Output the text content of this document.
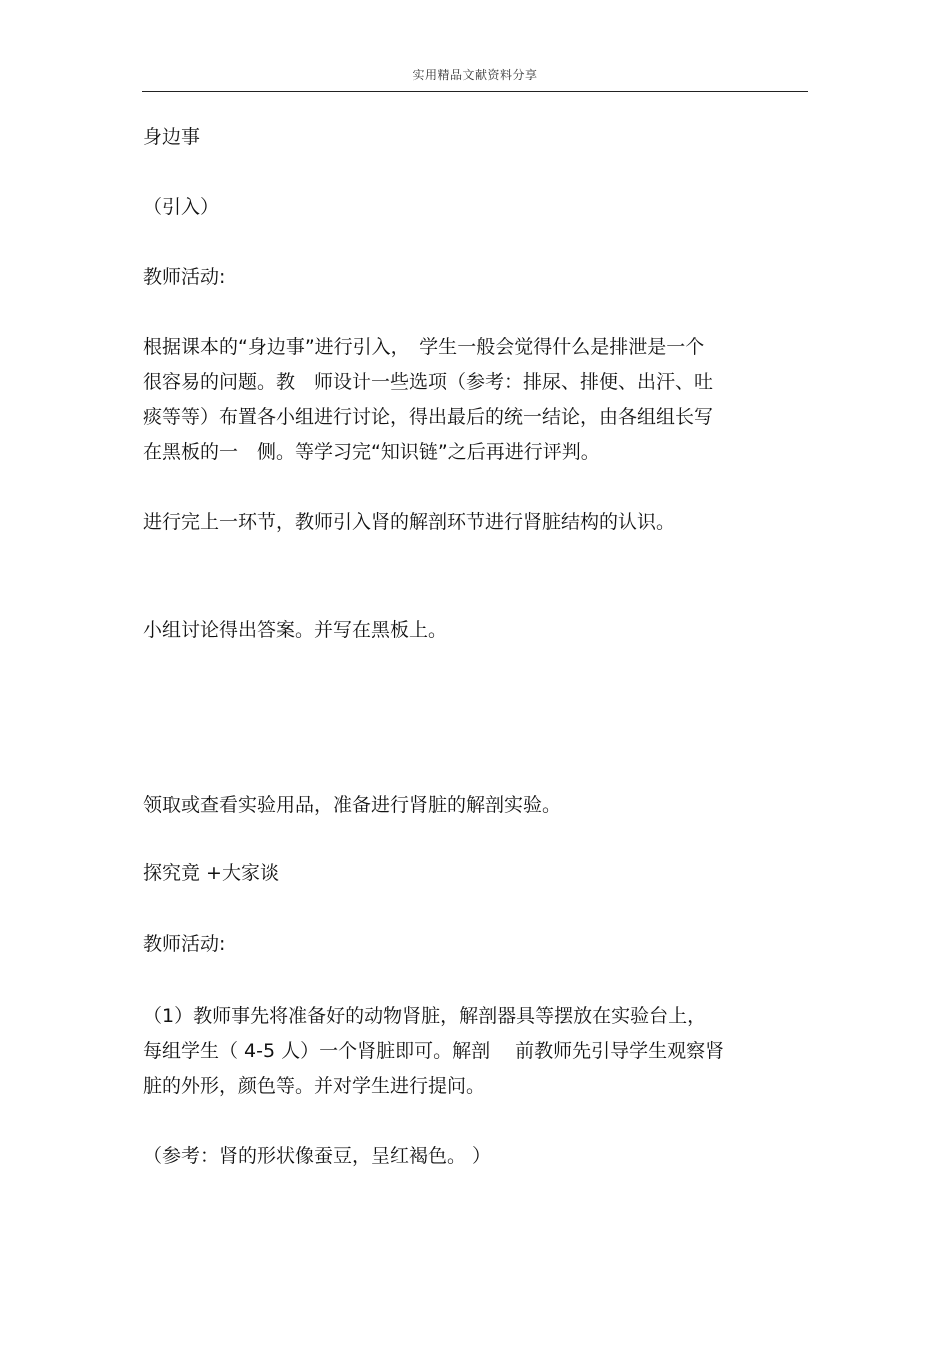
实用精品文献资料分享
身边事
（引入）
教师活动:
根据课本的“身边事”进行引入，　学生一般会觉得什么是排泄是一个
很容易的问题。教　师设计一些选项（参考：排尿、排便、出汗、吐
痰等等）布置各小组进行讨论，得出最后的统一结论，由各组组长写
在黑板的一　侧。等学习完“知识链”之后再进行评判。
进行完上一环节，教师引入肾的解剖环节进行肾脏结构的认识。
小组讨论得出答案。并写在黑板上。
领取或查看实验用品，准备进行肾脏的解剖实验。
探究竟 +大家谈
教师活动:
（1）教师事先将准备好的动物肾脏，解剖器具等摆放在实验台上，
每组学生（ 4-5 人）一个肾脏即可。解剖　 前教师先引导学生观察肾
脏的外形，颜色等。并对学生进行提问。
（参考：肾的形状像蚕豆，呈红褐色。 ）
